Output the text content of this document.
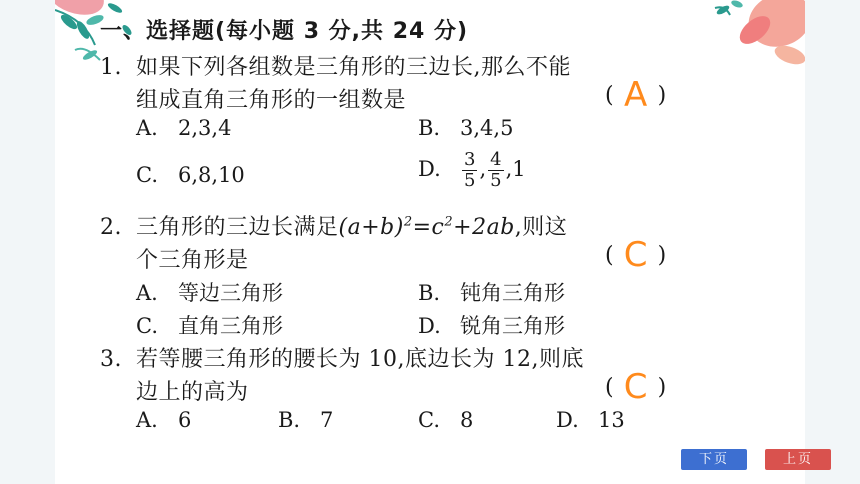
一、选择题(每小题 3 分,共 24 分)
1. 如果下列各组数是三角形的三边长,那么不能
组成直角三角形的一组数是	( A )
A. 2,3,4	B. 3,4,5
C. 6,8,10	D. $\frac{3}{5}$ , $\frac{4}{5} ,1$
2. 三角形的三边长满足$(a+b)^2=c^2+2ab$,则这
个三角形是	( C )
A. 等边三角形	B. 钝角三角形
C. 直角三角形	D. 锐角三角形
3. 若等腰三角形的腰长为 10,底边长为 12,则底
边上的高为	( C )
A. 6	B. 7	C. 8	D. 13
下页	上页
